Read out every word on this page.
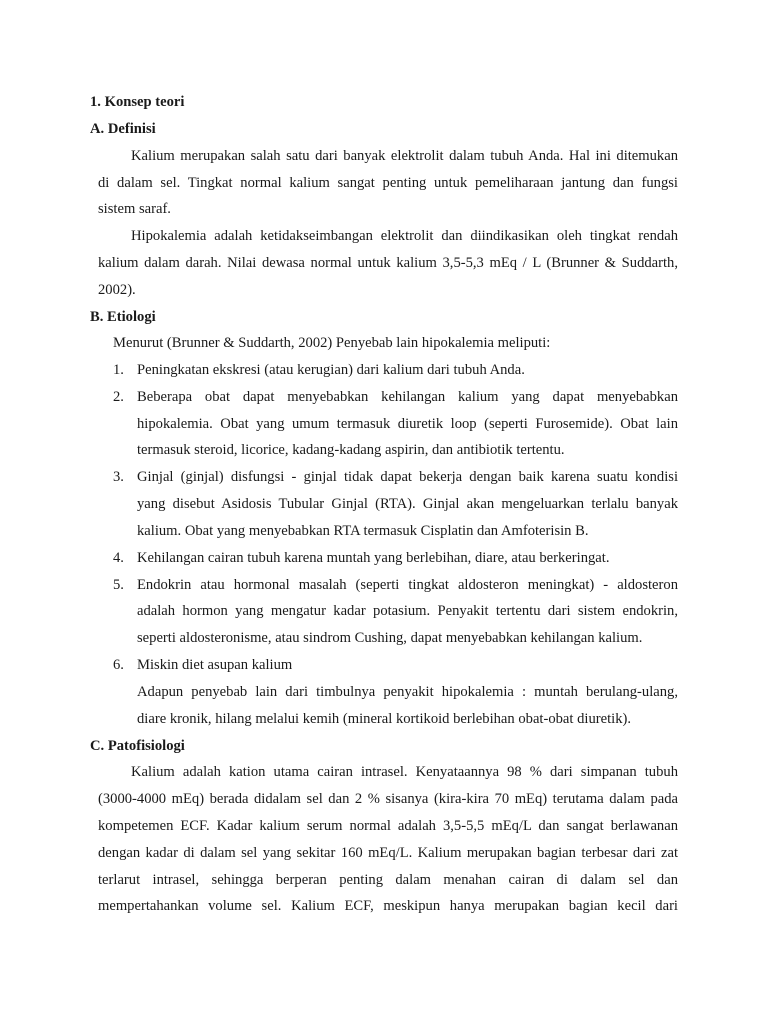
1. Konsep teori
A. Definisi
Kalium merupakan salah satu dari banyak elektrolit dalam tubuh Anda. Hal ini ditemukan
di dalam sel. Tingkat normal kalium sangat penting untuk pemeliharaan jantung dan fungsi
sistem saraf.
Hipokalemia adalah ketidakseimbangan elektrolit dan diindikasikan oleh tingkat rendah
kalium dalam darah. Nilai dewasa normal untuk kalium 3,5-5,3 mEq / L (Brunner & Suddarth,
2002).
B. Etiologi
Menurut (Brunner & Suddarth, 2002) Penyebab lain hipokalemia meliputi:
1. Peningkatan ekskresi (atau kerugian) dari kalium dari tubuh Anda.
2. Beberapa obat dapat menyebabkan kehilangan kalium yang dapat menyebabkan
hipokalemia. Obat yang umum termasuk diuretik loop (seperti Furosemide). Obat lain
termasuk steroid, licorice, kadang-kadang aspirin, dan antibiotik tertentu.
3. Ginjal (ginjal) disfungsi - ginjal tidak dapat bekerja dengan baik karena suatu kondisi
yang disebut Asidosis Tubular Ginjal (RTA). Ginjal akan mengeluarkan terlalu banyak
kalium. Obat yang menyebabkan RTA termasuk Cisplatin dan Amfoterisin B.
4. Kehilangan cairan tubuh karena muntah yang berlebihan, diare, atau berkeringat.
5. Endokrin atau hormonal masalah (seperti tingkat aldosteron meningkat) - aldosteron
adalah hormon yang mengatur kadar potasium. Penyakit tertentu dari sistem endokrin,
seperti aldosteronisme, atau sindrom Cushing, dapat menyebabkan kehilangan kalium.
6. Miskin diet asupan kalium
Adapun penyebab lain dari timbulnya penyakit hipokalemia : muntah berulang-ulang,
diare kronik, hilang melalui kemih (mineral kortikoid berlebihan obat-obat diuretik).
C. Patofisiologi
Kalium adalah kation utama cairan intrasel. Kenyataannya 98 % dari simpanan tubuh
(3000-4000 mEq) berada didalam sel dan 2 % sisanya (kira-kira 70 mEq) terutama dalam pada
kompetemen ECF. Kadar kalium serum normal adalah 3,5-5,5 mEq/L dan sangat berlawanan
dengan kadar di dalam sel yang sekitar 160 mEq/L. Kalium merupakan bagian terbesar dari zat
terlarut intrasel, sehingga berperan penting dalam menahan cairan di dalam sel dan
mempertahankan volume sel. Kalium ECF, meskipun hanya merupakan bagian kecil dari
